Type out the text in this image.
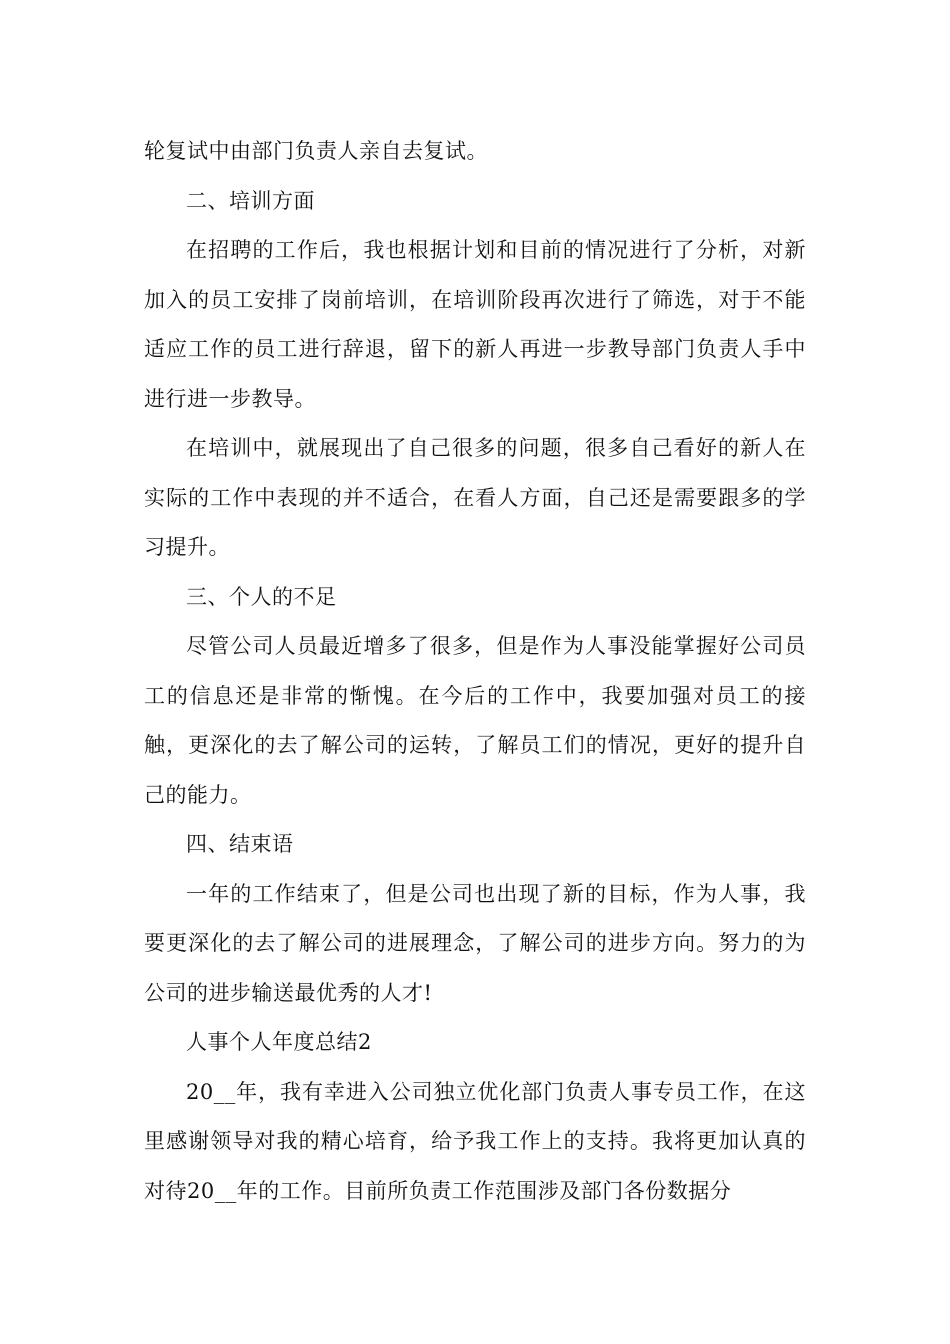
轮复试中由部门负责人亲自去复试。

二、培训方面

在招聘的工作后，我也根据计划和目前的情况进行了分析，对新加入的员工安排了岗前培训，在培训阶段再次进行了筛选，对于不能适应工作的员工进行辞退，留下的新人再进一步教导部门负责人手中进行进一步教导。

在培训中，就展现出了自己很多的问题，很多自己看好的新人在实际的工作中表现的并不适合，在看人方面，自己还是需要跟多的学习提升。

三、个人的不足

尽管公司人员最近增多了很多，但是作为人事没能掌握好公司员工的信息还是非常的惭愧。在今后的工作中，我要加强对员工的接触，更深化的去了解公司的运转，了解员工们的情况，更好的提升自己的能力。

四、结束语

一年的工作结束了，但是公司也出现了新的目标，作为人事，我要更深化的去了解公司的进展理念，了解公司的进步方向。努力的为公司的进步输送最优秀的人才!

人事个人年度总结2

20__年，我有幸进入公司独立优化部门负责人事专员工作，在这里感谢领导对我的精心培育，给予我工作上的支持。我将更加认真的对待20__年的工作。目前所负责工作范围涉及部门各份数据分
